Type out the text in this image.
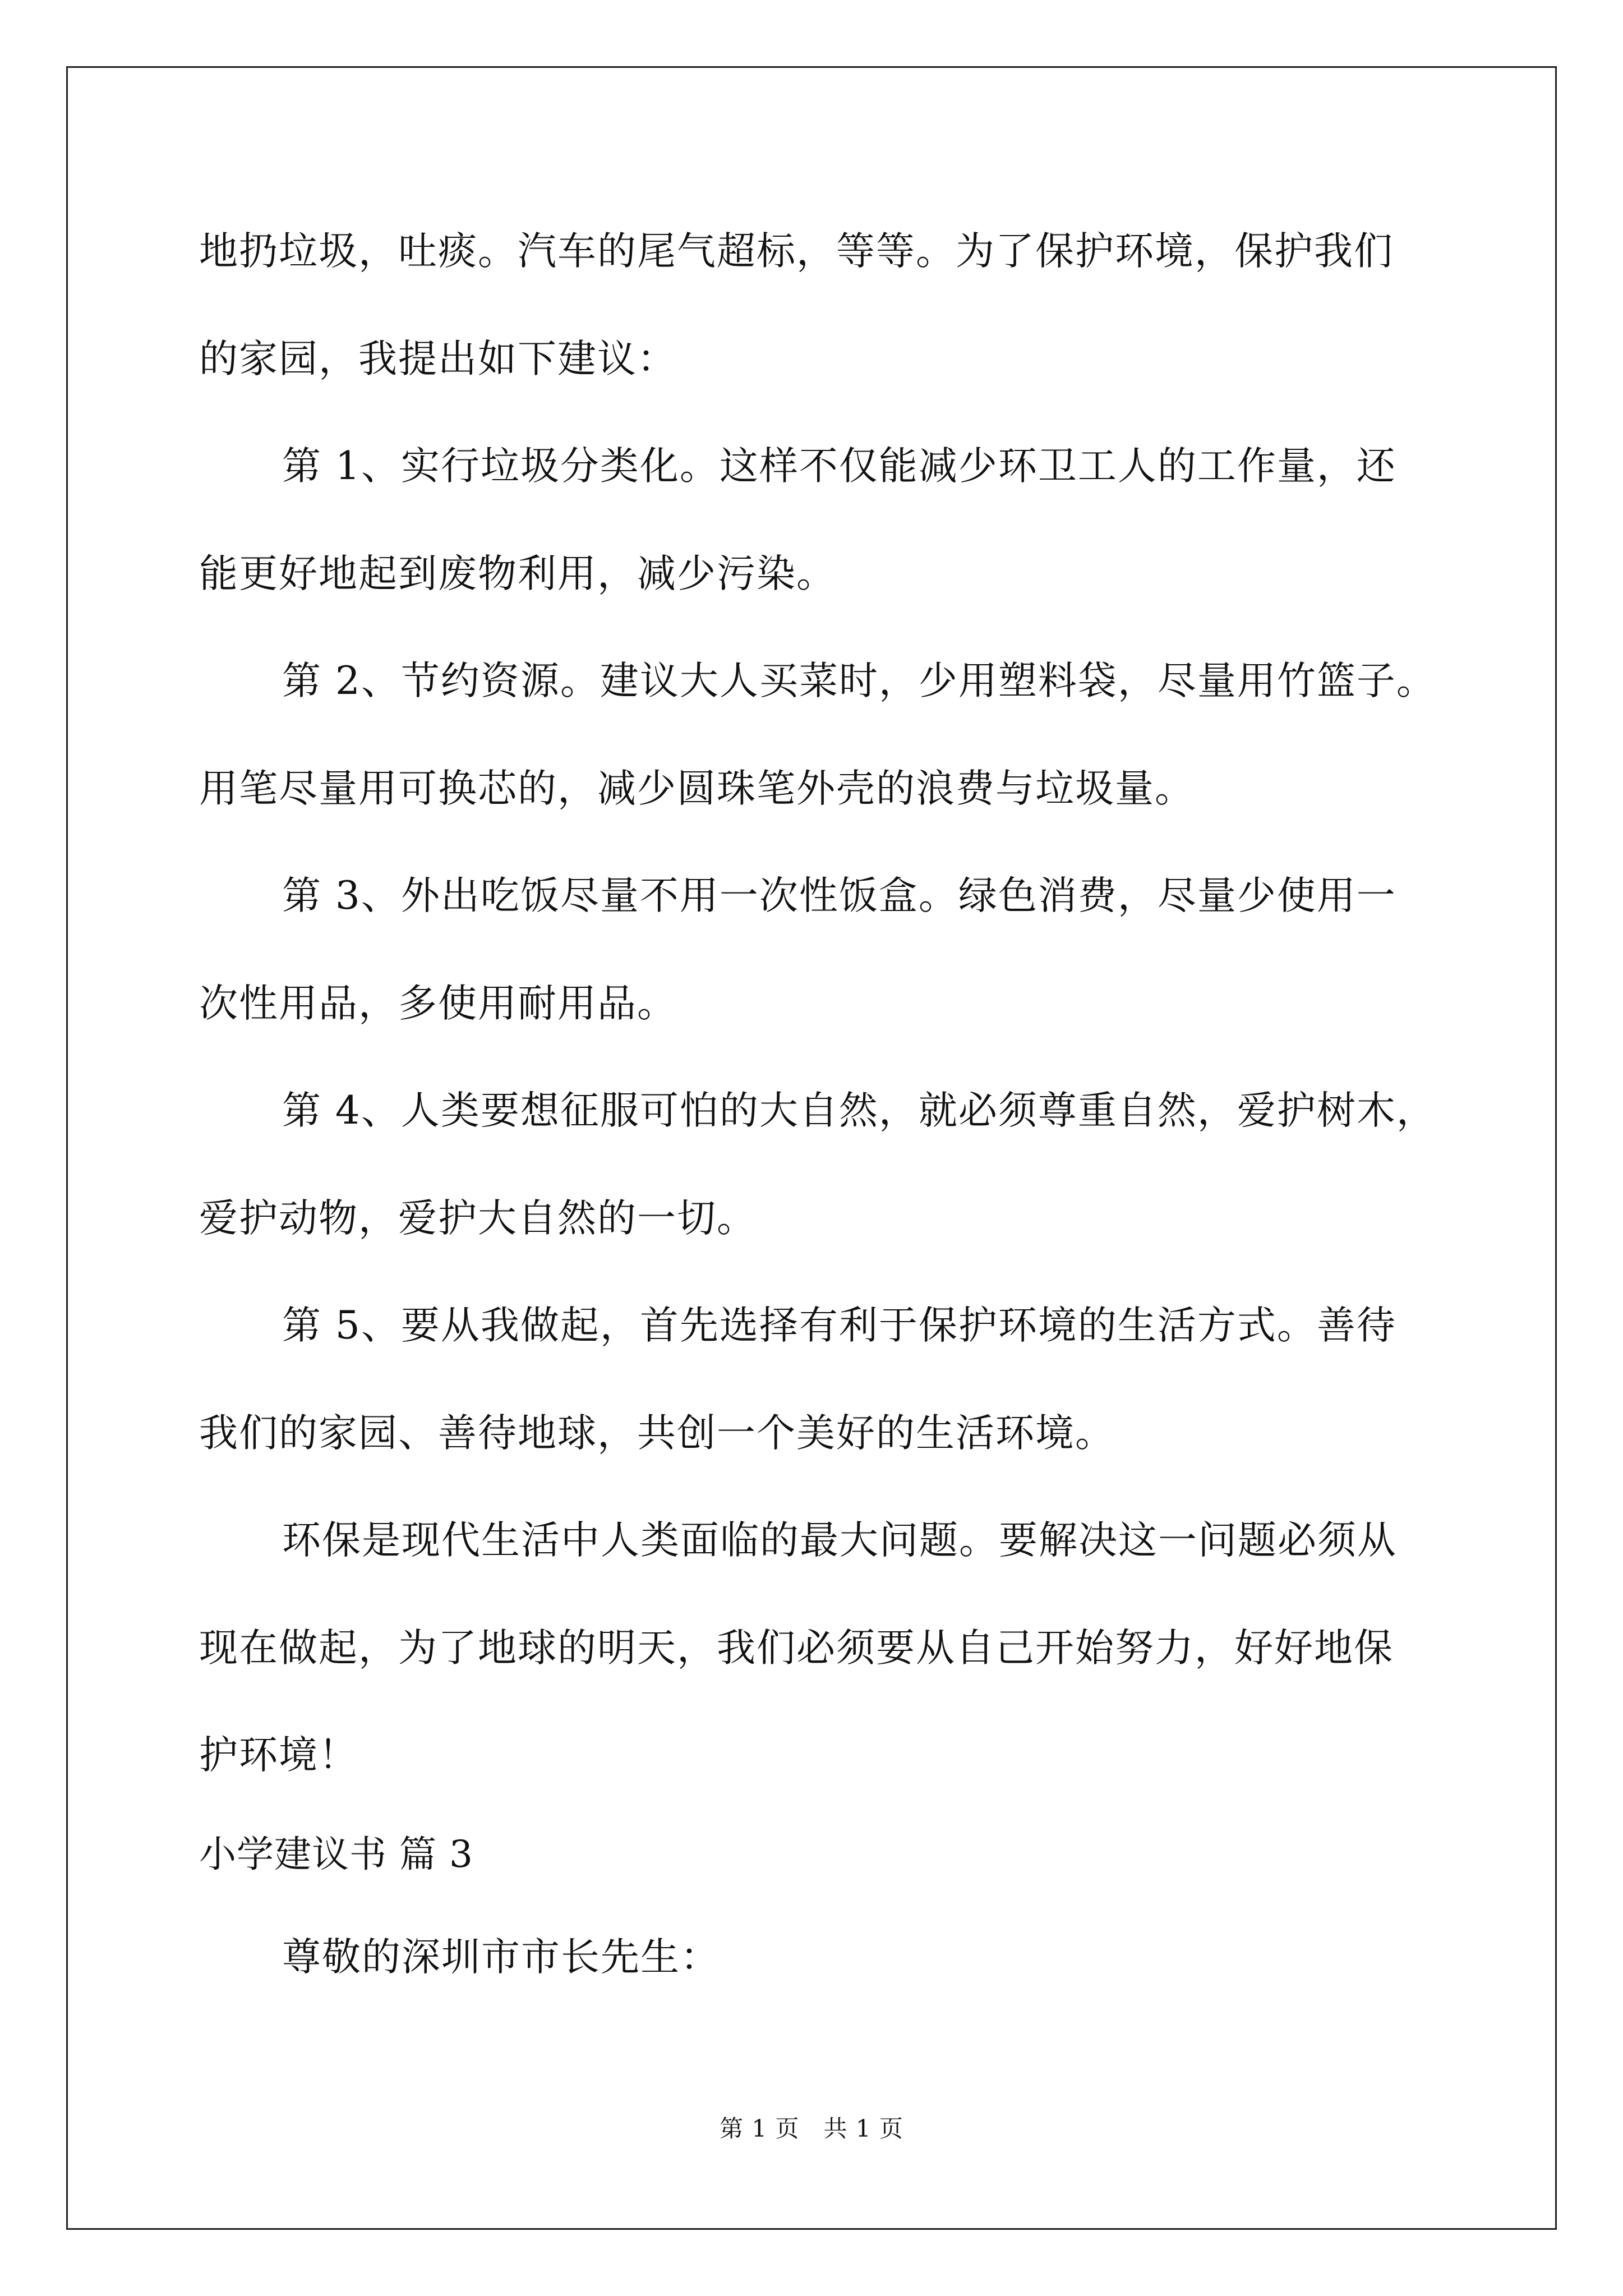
地扔垃圾，吐痰。汽车的尾气超标，等等。为了保护环境，保护我们
的家园，我提出如下建议：
第 1、实行垃圾分类化。这样不仅能减少环卫工人的工作量，还
能更好地起到废物利用，减少污染。
第 2、节约资源。建议大人买菜时，少用塑料袋，尽量用竹篮子。
用笔尽量用可换芯的，减少圆珠笔外壳的浪费与垃圾量。
第 3、外出吃饭尽量不用一次性饭盒。绿色消费，尽量少使用一
次性用品，多使用耐用品。
第 4、人类要想征服可怕的大自然，就必须尊重自然，爱护树木，
爱护动物，爱护大自然的一切。
第 5、要从我做起，首先选择有利于保护环境的生活方式。善待
我们的家园、善待地球，共创一个美好的生活环境。
环保是现代生活中人类面临的最大问题。要解决这一问题必须从
现在做起，为了地球的明天，我们必须要从自己开始努力，好好地保
护环境！
小学建议书 篇 3
尊敬的深圳市市长先生：
第 1 页　共 1 页
